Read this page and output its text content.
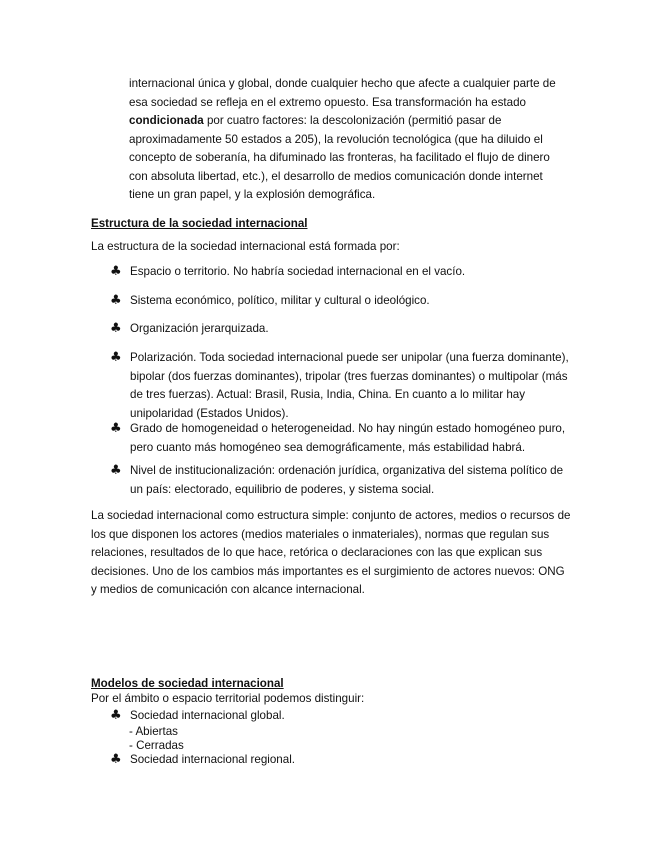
internacional única y global, donde cualquier hecho que afecte a cualquier parte de esa sociedad se refleja en el extremo opuesto. Esa transformación ha estado condicionada por cuatro factores: la descolonización (permitió pasar de aproximadamente 50 estados a 205), la revolución tecnológica (que ha diluido el concepto de soberanía, ha difuminado las fronteras, ha facilitado el flujo de dinero con absoluta libertad, etc.), el desarrollo de medios comunicación donde internet tiene un gran papel, y la explosión demográfica.

Estructura de la sociedad internacional

La estructura de la sociedad internacional está formada por:

♣ Espacio o territorio. No habría sociedad internacional en el vacío.
♣ Sistema económico, político, militar y cultural o ideológico.
♣ Organización jerarquizada.
♣ Polarización. Toda sociedad internacional puede ser unipolar (una fuerza dominante), bipolar (dos fuerzas dominantes), tripolar (tres fuerzas dominantes) o multipolar (más de tres fuerzas). Actual: Brasil, Rusia, India, China. En cuanto a lo militar hay unipolaridad (Estados Unidos).
♣ Grado de homogeneidad o heterogeneidad. No hay ningún estado homogéneo puro, pero cuanto más homogéneo sea demográficamente, más estabilidad habrá.
♣ Nivel de institucionalización: ordenación jurídica, organizativa del sistema político de un país: electorado, equilibrio de poderes, y sistema social.

La sociedad internacional como estructura simple: conjunto de actores, medios o recursos de los que disponen los actores (medios materiales o inmateriales), normas que regulan sus relaciones, resultados de lo que hace, retórica o declaraciones con las que explican sus decisiones. Uno de los cambios más importantes es el surgimiento de actores nuevos: ONG y medios de comunicación con alcance internacional.

Modelos de sociedad internacional

Por el ámbito o espacio territorial podemos distinguir:

♣ Sociedad internacional global.

- Abiertas

- Cerradas

♣ Sociedad internacional regional.
